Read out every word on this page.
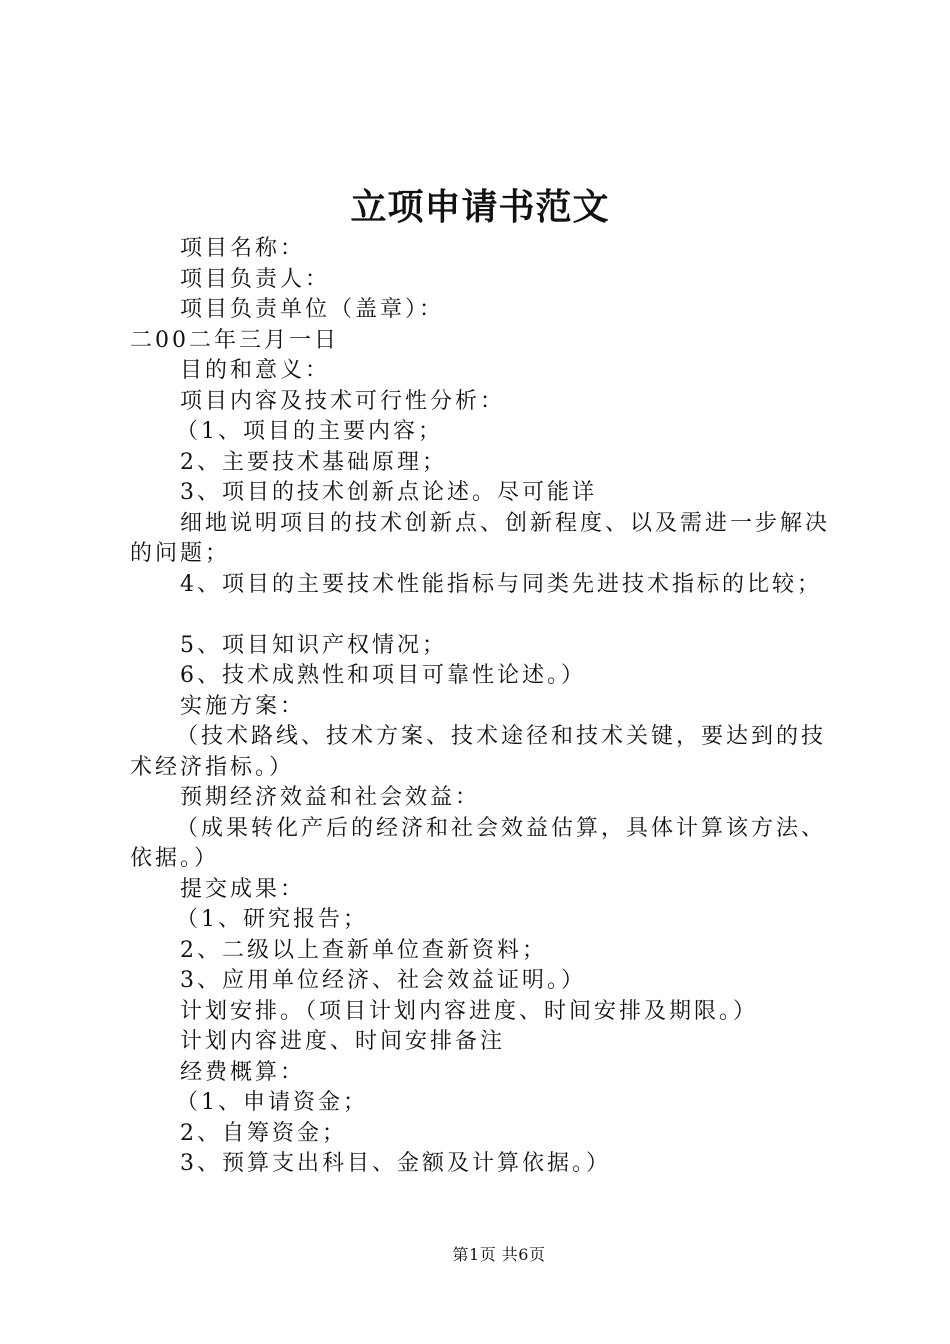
立项申请书范文

项目名称：

项目负责人：

项目负责单位（盖章）：

二00二年三月一日

目的和意义：

项目内容及技术可行性分析：

（1、项目的主要内容；

2、主要技术基础原理；

3、项目的技术创新点论述。尽可能详

细地说明项目的技术创新点、创新程度、以及需进一步解决的问题；

4、项目的主要技术性能指标与同类先进技术指标的比较；

5、项目知识产权情况；

6、技术成熟性和项目可靠性论述。）

实施方案：

（技术路线、技术方案、技术途径和技术关键，要达到的技术经济指标。）

预期经济效益和社会效益：

（成果转化产后的经济和社会效益估算，具体计算该方法、依据。）

提交成果：

（1、研究报告；

2、二级以上查新单位查新资料；

3、应用单位经济、社会效益证明。）

计划安排。（项目计划内容进度、时间安排及期限。）

计划内容进度、时间安排备注

经费概算：

（1、申请资金；

2、自筹资金；

3、预算支出科目、金额及计算依据。）

第1页 共6页
